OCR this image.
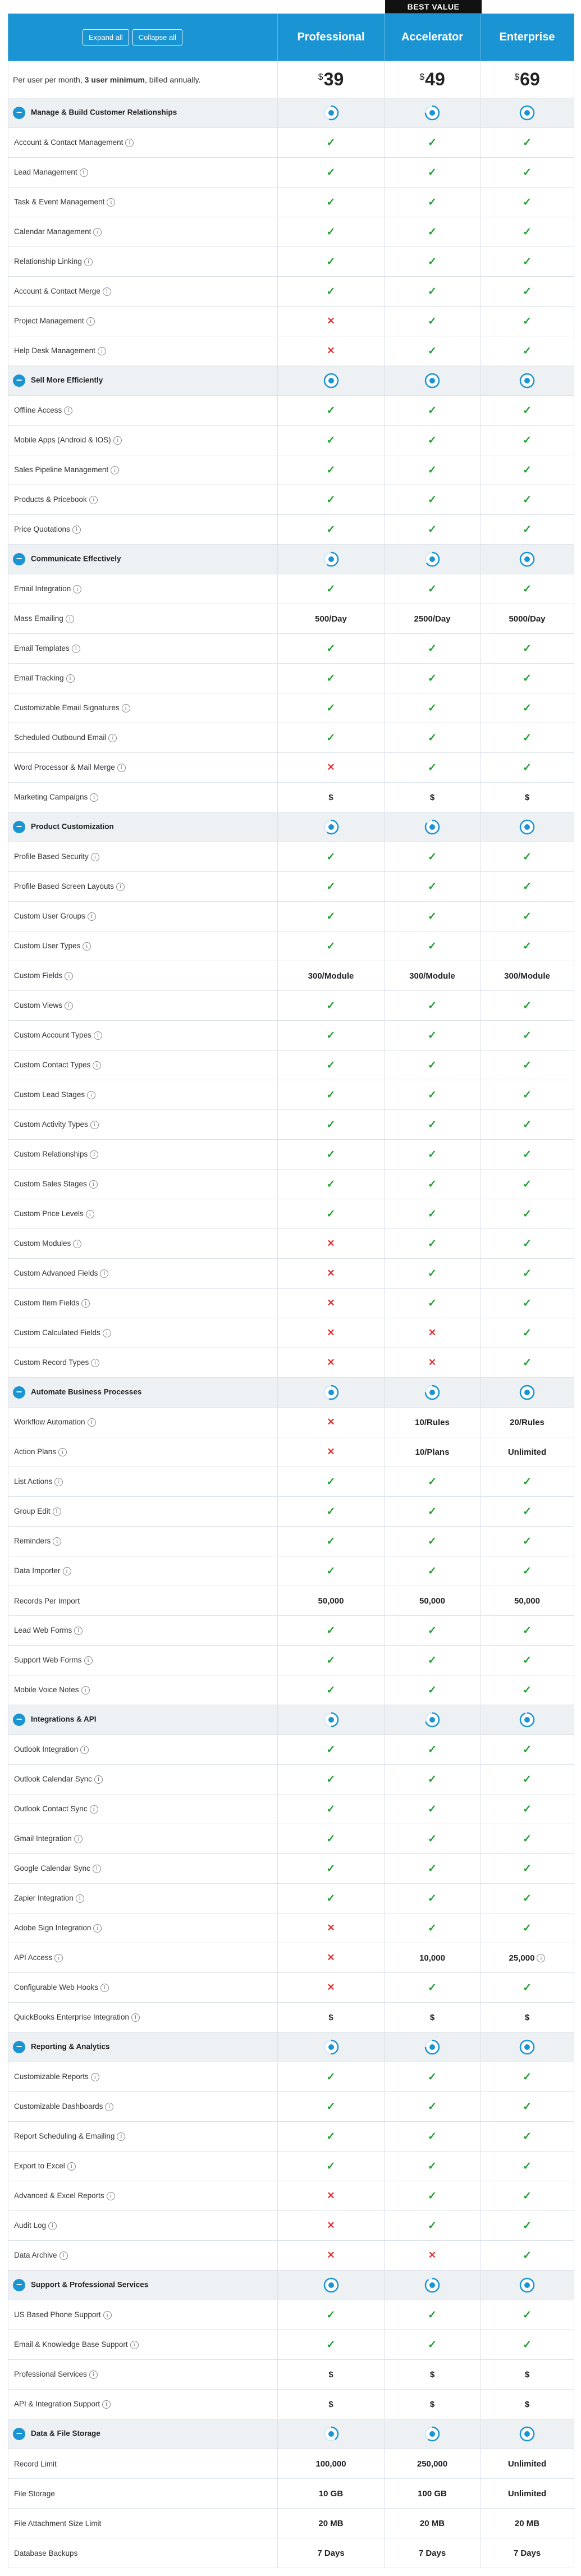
BEST VALUE
Expand all Collapse all	Professional	Accelerator	Enterprise
Per user per month, 3 user minimum, billed annually.	$39	$49	$69
− Manage & Build Customer Relationships			
Account & Contact Management i	✓	✓	✓
Lead Management i	✓	✓	✓
Task & Event Management i	✓	✓	✓
Calendar Management i	✓	✓	✓
Relationship Linking i	✓	✓	✓
Account & Contact Merge i	✓	✓	✓
Project Management i	✕	✓	✓
Help Desk Management i	✕	✓	✓
− Sell More Efficiently			
Offline Access i	✓	✓	✓
Mobile Apps (Android & IOS) i	✓	✓	✓
Sales Pipeline Management i	✓	✓	✓
Products & Pricebook i	✓	✓	✓
Price Quotations i	✓	✓	✓
− Communicate Effectively			
Email Integration i	✓	✓	✓
Mass Emailing i	500/Day	2500/Day	5000/Day
Email Templates i	✓	✓	✓
Email Tracking i	✓	✓	✓
Customizable Email Signatures i	✓	✓	✓
Scheduled Outbound Email i	✓	✓	✓
Word Processor & Mail Merge i	✕	✓	✓
Marketing Campaigns i	$	$	$
− Product Customization			
Profile Based Security i	✓	✓	✓
Profile Based Screen Layouts i	✓	✓	✓
Custom User Groups i	✓	✓	✓
Custom User Types i	✓	✓	✓
Custom Fields i	300/Module	300/Module	300/Module
Custom Views i	✓	✓	✓
Custom Account Types i	✓	✓	✓
Custom Contact Types i	✓	✓	✓
Custom Lead Stages i	✓	✓	✓
Custom Activity Types i	✓	✓	✓
Custom Relationships i	✓	✓	✓
Custom Sales Stages i	✓	✓	✓
Custom Price Levels i	✓	✓	✓
Custom Modules i	✕	✓	✓
Custom Advanced Fields i	✕	✓	✓
Custom Item Fields i	✕	✓	✓
Custom Calculated Fields i	✕	✕	✓
Custom Record Types i	✕	✕	✓
− Automate Business Processes			
Workflow Automation i	✕	10/Rules	20/Rules
Action Plans i	✕	10/Plans	Unlimited
List Actions i	✓	✓	✓
Group Edit i	✓	✓	✓
Reminders i	✓	✓	✓
Data Importer i	✓	✓	✓
Records Per Import	50,000	50,000	50,000
Lead Web Forms i	✓	✓	✓
Support Web Forms i	✓	✓	✓
Mobile Voice Notes i	✓	✓	✓
− Integrations & API			
Outlook Integration i	✓	✓	✓
Outlook Calendar Sync i	✓	✓	✓
Outlook Contact Sync i	✓	✓	✓
Gmail Integration i	✓	✓	✓
Google Calendar Sync i	✓	✓	✓
Zapier Integration i	✓	✓	✓
Adobe Sign Integration i	✕	✓	✓
API Access i	✕	10,000	25,000 i
Configurable Web Hooks i	✕	✓	✓
QuickBooks Enterprise Integration i	$	$	$
− Reporting & Analytics			
Customizable Reports i	✓	✓	✓
Customizable Dashboards i	✓	✓	✓
Report Scheduling & Emailing i	✓	✓	✓
Export to Excel i	✓	✓	✓
Advanced & Excel Reports i	✕	✓	✓
Audit Log i	✕	✓	✓
Data Archive i	✕	✕	✓
− Support & Professional Services			
US Based Phone Support i	✓	✓	✓
Email & Knowledge Base Support i	✓	✓	✓
Professional Services i	$	$	$
API & Integration Support i	$	$	$
− Data & File Storage			
Record Limit	100,000	250,000	Unlimited
File Storage	10 GB	100 GB	Unlimited
File Attachment Size Limit	20 MB	20 MB	20 MB
Database Backups	7 Days	7 Days	7 Days
